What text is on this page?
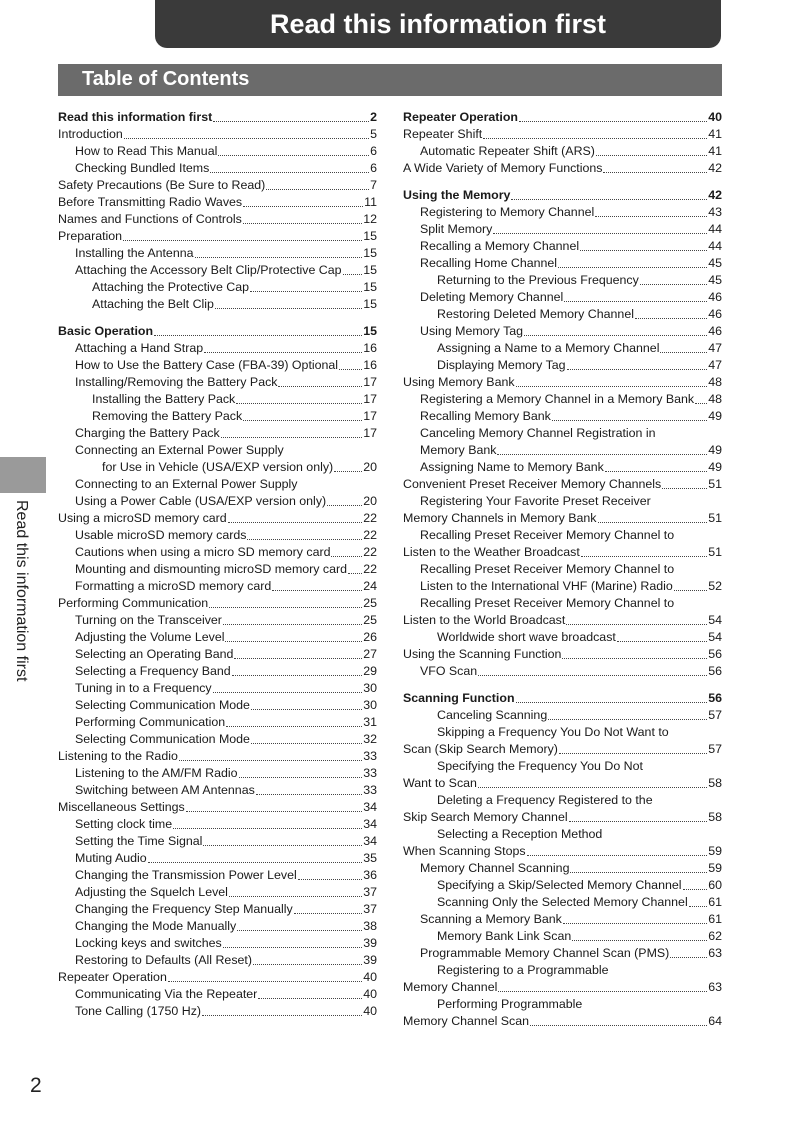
Read this information first
Table of Contents
Read this information first
Read this information first	2
Introduction	5
How to Read This Manual	6
Checking Bundled Items	6
Safety Precautions (Be Sure to Read)	7
Before Transmitting Radio Waves	11
Names and Functions of Controls	12
Preparation	15
Installing the Antenna	15
Attaching the Accessory Belt Clip/Protective Cap 15
Attaching the Protective Cap	15
Attaching the Belt Clip	15
Basic Operation	15
Attaching a Hand Strap	16
How to Use the Battery Case (FBA-39) Optional 16
Installing/Removing the Battery Pack	17
Installing the Battery Pack	17
Removing the Battery Pack	17
Charging the Battery Pack	17
Connecting an External Power Supply
for Use in Vehicle (USA/EXP version only) 20
Connecting to an External Power Supply
Using a Power Cable (USA/EXP version only)	20
Using a microSD memory card	22
Usable microSD memory cards	22
Cautions when using a micro SD memory card	22
Mounting and dismounting microSD memory card 22
Formatting a microSD memory card	24
Performing Communication	25
Turning on the Transceiver	25
Adjusting the Volume Level	26
Selecting an Operating Band	27
Selecting a Frequency Band	29
Tuning in to a Frequency	30
Selecting Communication Mode	30
Performing Communication	31
Selecting Communication Mode	32
Listening to the Radio	33
Listening to the AM/FM Radio	33
Switching between AM Antennas	33
Miscellaneous Settings	34
Setting clock time	34
Setting the Time Signal	34
Muting Audio	35
Changing the Transmission Power Level	36
Adjusting the Squelch Level	37
Changing the Frequency Step Manually	37
Changing the Mode Manually	38
Locking keys and switches	39
Restoring to Defaults (All Reset)	39
Repeater Operation	40
Communicating Via the Repeater	40
Tone Calling (1750 Hz)	40
Repeater Operation	40
Repeater Shift	41
Automatic Repeater Shift (ARS)	41
A Wide Variety of Memory Functions	42
Using the Memory	42
Registering to Memory Channel	43
Split Memory	44
Recalling a Memory Channel	44
Recalling Home Channel	45
Returning to the Previous Frequency	45
Deleting Memory Channel	46
Restoring Deleted Memory Channel	46
Using Memory Tag	46
Assigning a Name to a Memory Channel	47
Displaying Memory Tag	47
Using Memory Bank	48
Registering a Memory Channel in a Memory Bank 48
Recalling Memory Bank	49
Canceling Memory Channel Registration in
Memory Bank	49
Assigning Name to Memory Bank	49
Convenient Preset Receiver Memory Channels	51
Registering Your Favorite Preset Receiver
Memory Channels in Memory Bank	51
Recalling Preset Receiver Memory Channel to
Listen to the Weather Broadcast	51
Recalling Preset Receiver Memory Channel to
Listen to the International VHF (Marine) Radio	52
Recalling Preset Receiver Memory Channel to
Listen to the World Broadcast	54
Worldwide short wave broadcast	54
Using the Scanning Function	56
VFO Scan	56
Scanning Function	56
Canceling Scanning	57
Skipping a Frequency You Do Not Want to
Scan (Skip Search Memory)	57
Specifying the Frequency You Do Not
Want to Scan	58
Deleting a Frequency Registered to the
Skip Search Memory Channel	58
Selecting a Reception Method
When Scanning Stops	59
Memory Channel Scanning	59
Specifying a Skip/Selected Memory Channel 60
Scanning Only the Selected Memory Channel 61
Scanning a Memory Bank	61
Memory Bank Link Scan	62
Programmable Memory Channel Scan (PMS)	63
Registering to a Programmable
Memory Channel	63
Performing Programmable
Memory Channel Scan	64
2
